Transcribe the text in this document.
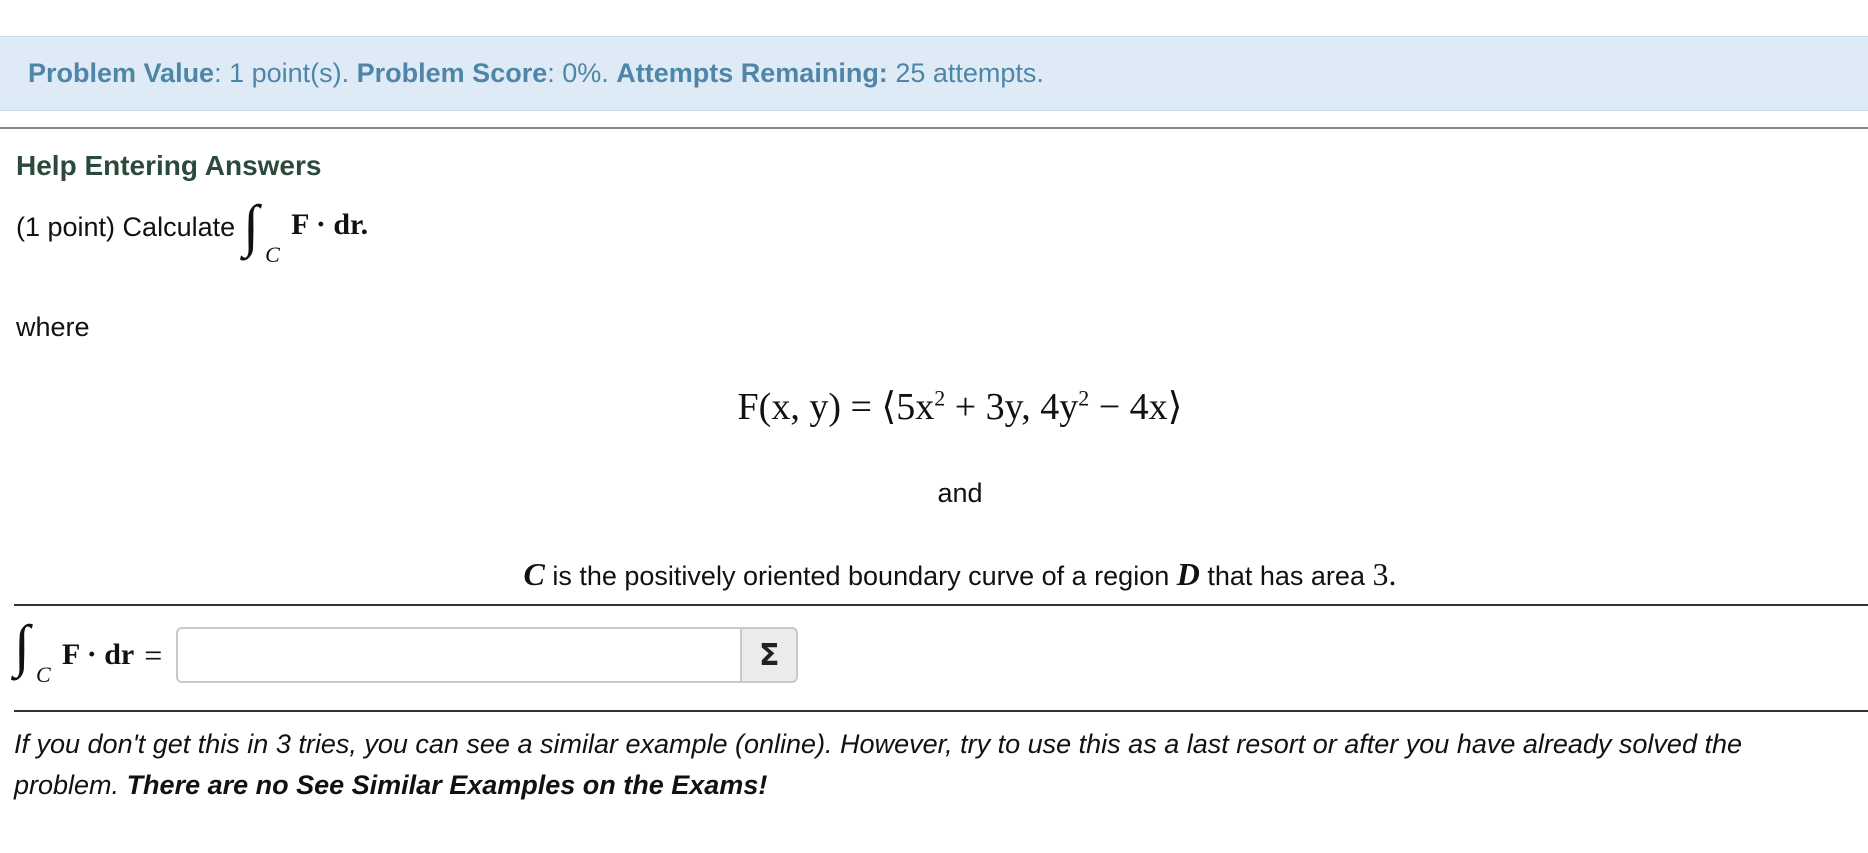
Problem Value: 1 point(s). Problem Score: 0%. Attempts Remaining: 25 attempts.
Help Entering Answers
(1 point) Calculate ∫ C
F · dr.
where
F(x, $y) = ⟨5x^2 + 3y$, $4y^2$ − 4x⟩
and
C is the positively oriented boundary curve of a region D that has area 3.
∫ C
F · dr =	Σ
If you don't get this in 3 tries, you can see a similar example (online). However, try to use this as a last resort or after you have already solved the problem. There are no See Similar Examples on the Exams!
